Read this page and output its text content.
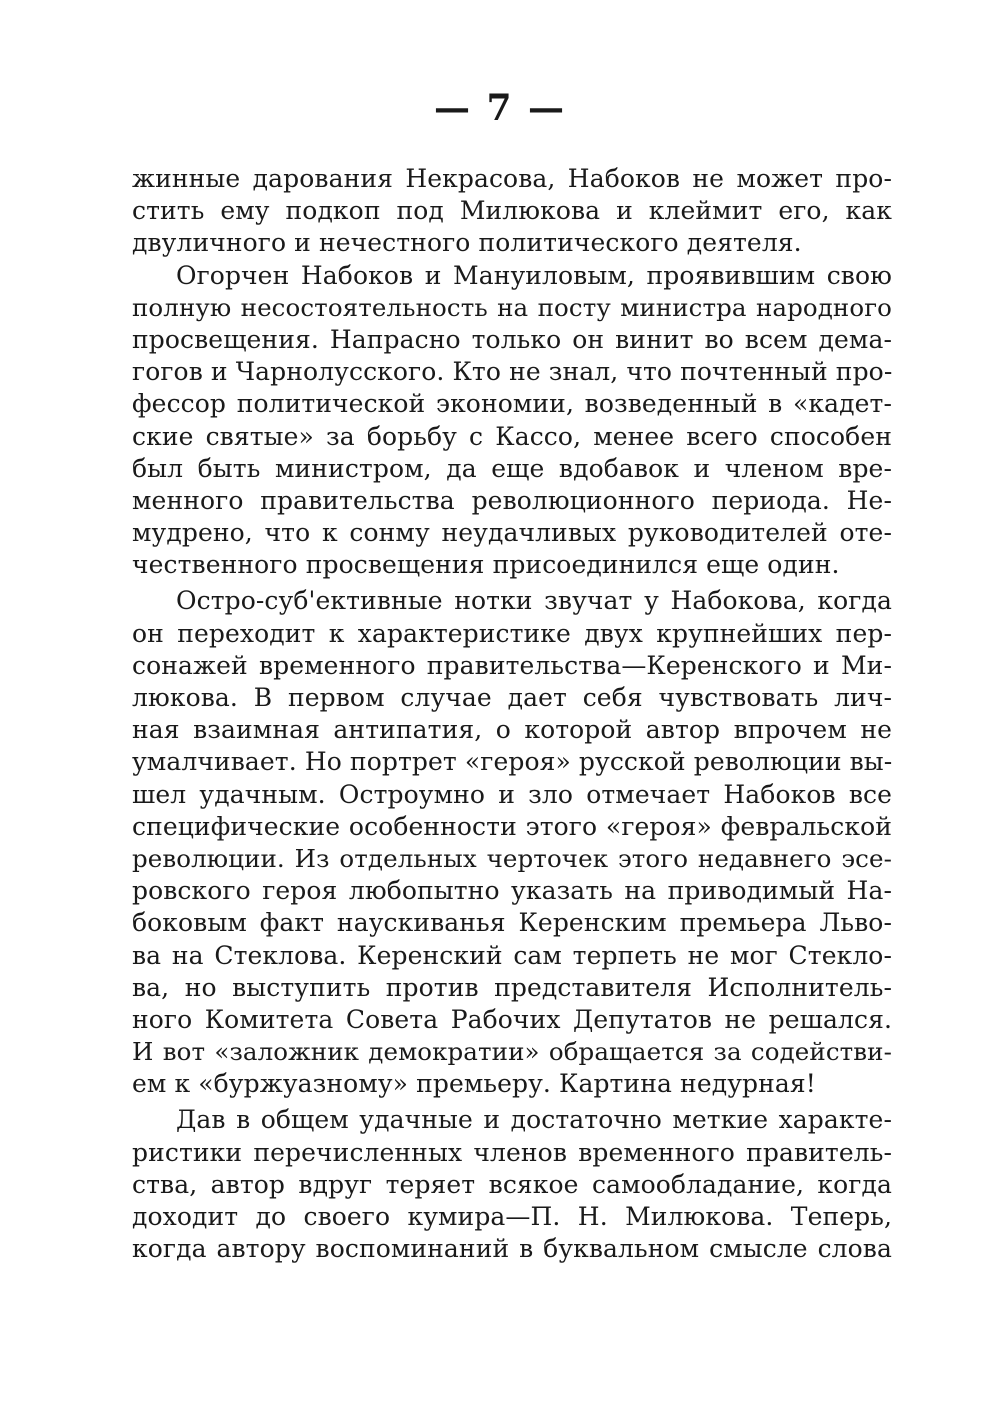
— 7 —
жинные дарования Некрасова, Набоков не может про-
стить ему подкоп под Милюкова и клеймит его, как
двуличного и нечестного политического деятеля.
Огорчен Набоков и Мануиловым, проявившим свою
полную несостоятельность на посту министра народного
просвещения. Напрасно только он винит во всем дема-
гогов и Чарнолусского. Кто не знал, что почтенный про-
фессор политической экономии, возведенный в «кадет-
ские святые» за борьбу с Кассо, менее всего способен
был быть министром, да еще вдобавок и членом вре-
менного правительства революционного периода. Не-
мудрено, что к сонму неудачливых руководителей оте-
чественного просвещения присоединился еще один.
Остро-суб'ективные нотки звучат у Набокова, когда
он переходит к характеристике двух крупнейших пер-
сонажей временного правительства—Керенского и Ми-
люкова. В первом случае дает себя чувствовать лич-
ная взаимная антипатия, о которой автор впрочем не
умалчивает. Но портрет «героя» русской революции вы-
шел удачным. Остроумно и зло отмечает Набоков все
специфические особенности этого «героя» февральской
революции. Из отдельных черточек этого недавнего эсе-
ровского героя любопытно указать на приводимый На-
боковым факт наускиванья Керенским премьера Льво-
ва на Стеклова. Керенский сам терпеть не мог Стекло-
ва, но выступить против представителя Исполнитель-
ного Комитета Совета Рабочих Депутатов не решался.
И вот «заложник демократии» обращается за содействи-
ем к «буржуазному» премьеру. Картина недурная!
Дав в общем удачные и достаточно меткие характе-
ристики перечисленных членов временного правитель-
ства, автор вдруг теряет всякое самообладание, когда
доходит до своего кумира—П. Н. Милюкова. Теперь,
когда автору воспоминаний в буквальном смысле слова
